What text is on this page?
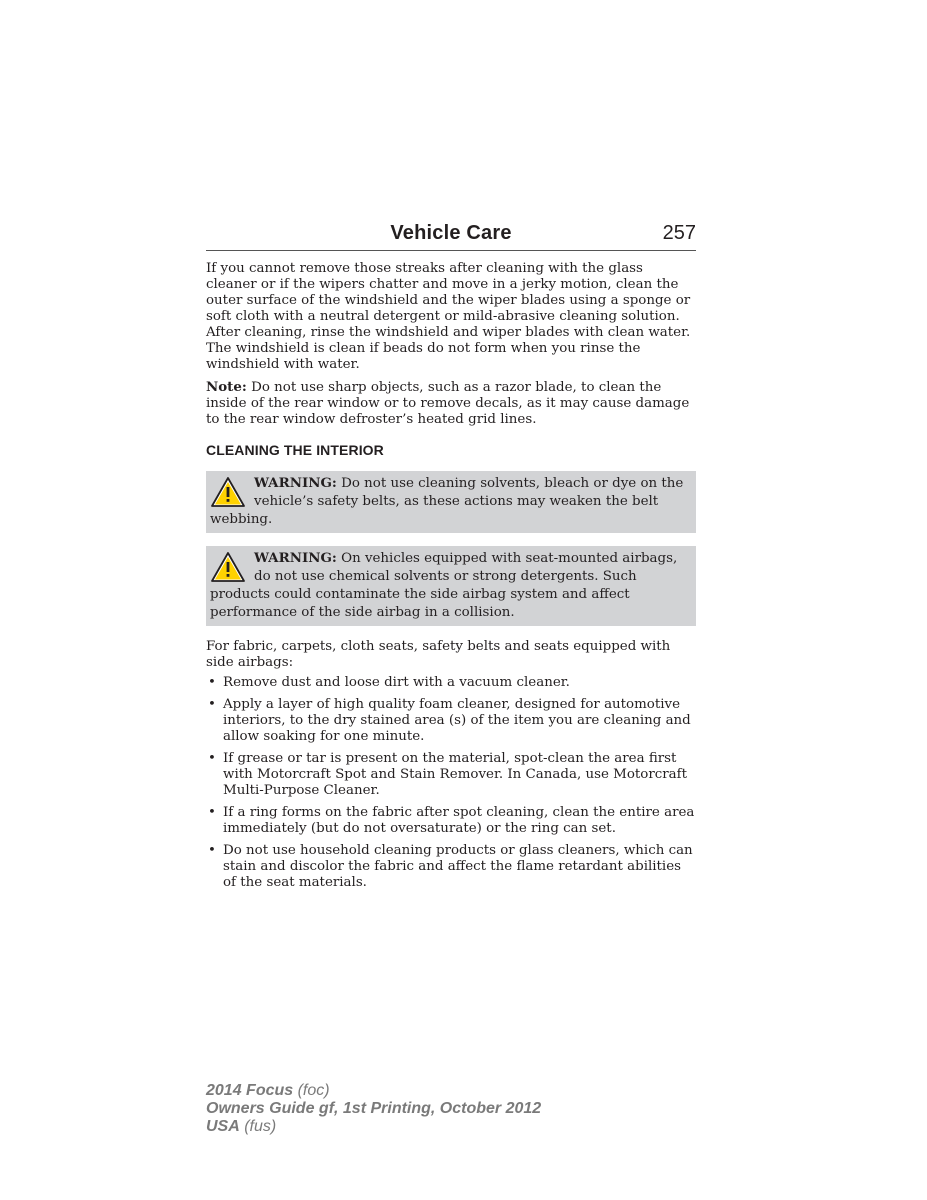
Vehicle Care	257

If you cannot remove those streaks after cleaning with the glass cleaner or if the wipers chatter and move in a jerky motion, clean the outer surface of the windshield and the wiper blades using a sponge or soft cloth with a neutral detergent or mild-abrasive cleaning solution. After cleaning, rinse the windshield and wiper blades with clean water. The windshield is clean if beads do not form when you rinse the windshield with water.

Note: Do not use sharp objects, such as a razor blade, to clean the inside of the rear window or to remove decals, as it may cause damage to the rear window defroster’s heated grid lines.

CLEANING THE INTERIOR
WARNING: Do not use cleaning solvents, bleach or dye on the vehicle’s safety belts, as these actions may weaken the belt webbing.
WARNING: On vehicles equipped with seat-mounted airbags, do not use chemical solvents or strong detergents. Such products could contaminate the side airbag system and affect performance of the side airbag in a collision.

For fabric, carpets, cloth seats, safety belts and seats equipped with side airbags:

• Remove dust and loose dirt with a vacuum cleaner.
• Apply a layer of high quality foam cleaner, designed for automotive interiors, to the dry stained area (s) of the item you are cleaning and allow soaking for one minute.
• If grease or tar is present on the material, spot-clean the area first with Motorcraft Spot and Stain Remover. In Canada, use Motorcraft Multi-Purpose Cleaner.
• If a ring forms on the fabric after spot cleaning, clean the entire area immediately (but do not oversaturate) or the ring can set.
• Do not use household cleaning products or glass cleaners, which can stain and discolor the fabric and affect the flame retardant abilities of the seat materials.
2014 Focus (foc)
Owners Guide gf, 1st Printing, October 2012
USA (fus)
